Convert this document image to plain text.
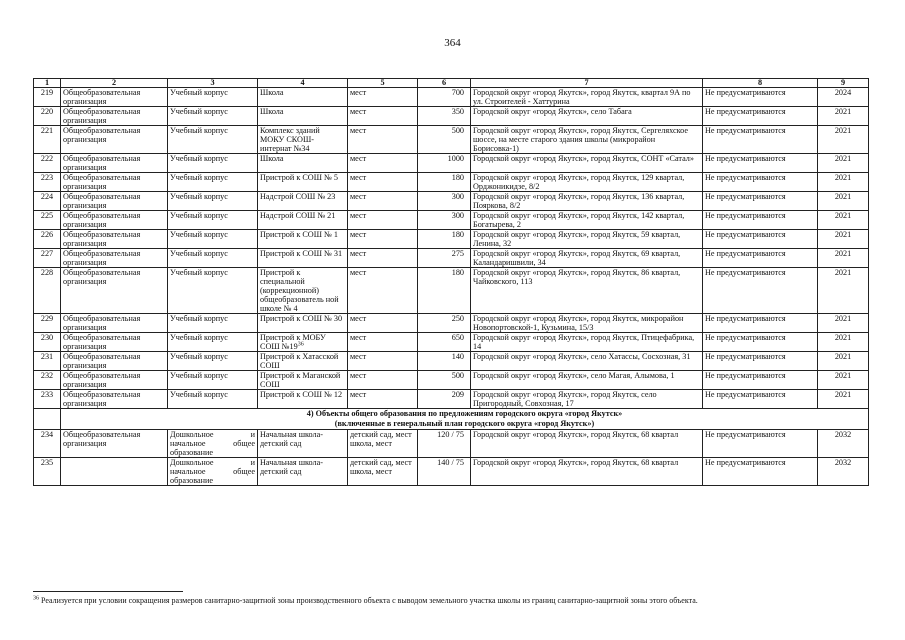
364
1	2	3	4	5	6	7	8	9
219	Общеобразовательная организация	Учебный корпус	Школа	мест	700	Городской округ «город Якутск», город Якутск, квартал 9А по ул. Строителей - Хаттурина	Не предусматриваются	2024
220	Общеобразовательная организация	Учебный корпус	Школа	мест	350	Городской округ «город Якутск», село Табага	Не предусматриваются	2021
221	Общеобразовательная организация	Учебный корпус	Комплекс зданий МОКУ СКОШ-интернат №34	мест	500	Городской округ «город Якутск», город Якутск, Сергеляхское шоссе, на месте старого здания школы (микрорайон Борисовка-1)	Не предусматриваются	2021
222	Общеобразовательная организация	Учебный корпус	Школа	мест	1000	Городской округ «город Якутск», город Якутск, СОНТ «Сатал»	Не предусматриваются	2021
223	Общеобразовательная организация	Учебный корпус	Пристрой к СОШ № 5	мест	180	Городской округ «город Якутск», город Якутск, 129 квартал, Орджоникидзе, 8/2	Не предусматриваются	2021
224	Общеобразовательная организация	Учебный корпус	Надстрой СОШ № 23	мест	300	Городской округ «город Якутск», город Якутск, 136 квартал, Пояркова, 8/2	Не предусматриваются	2021
225	Общеобразовательная организация	Учебный корпус	Надстрой СОШ № 21	мест	300	Городской округ «город Якутск», город Якутск, 142 квартал, Богатырева, 2	Не предусматриваются	2021
226	Общеобразовательная организация	Учебный корпус	Пристрой к СОШ № 1	мест	180	Городской округ «город Якутск», город Якутск, 59 квартал, Ленина, 32	Не предусматриваются	2021
227	Общеобразовательная организация	Учебный корпус	Пристрой к СОШ № 31	мест	275	Городской округ «город Якутск», город Якутск, 69 квартал, Каландаришвили, 34	Не предусматриваются	2021
228	Общеобразовательная организация	Учебный корпус	Пристрой к специальной (коррекционной) общеобразователь ной школе № 4	мест	180	Городской округ «город Якутск», город Якутск, 86 квартал, Чайковского, 113	Не предусматриваются	2021
229	Общеобразовательная организация	Учебный корпус	Пристрой к СОШ № 30	мест	250	Городской округ «город Якутск», город Якутск, микрорайон Новопортовской-1, Кузьмина, 15/3	Не предусматриваются	2021
230	Общеобразовательная организация	Учебный корпус	Пристрой к МОБУ СОШ $№19^{36}$	мест	650	Городской округ «город Якутск», город Якутск, Птицефабрика, 14	Не предусматриваются	2021
231	Общеобразовательная организация	Учебный корпус	Пристрой к Хатасской СОШ	мест	140	Городской округ «город Якутск», село Хатассы, Сосхозная, 31	Не предусматриваются	2021
232	Общеобразовательная организация	Учебный корпус	Пристрой к Маганской СОШ	мест	500	Городской округ «город Якутск», село Магая, Алымова, 1	Не предусматриваются	2021
233	Общеобразовательная организация	Учебный корпус	Пристрой к СОШ № 12	мест	209	Городской округ «город Якутск», город Якутск, село Пригородный, Совхозная, 17	Не предусматриваются	2021

	4) Объекты общего образования по предложениям городского округа «город Якутск»
(включенные в генеральный план городского округа «город Якутск»)							

234	Общеобразовательная организация	Дошкольное и начальное общее образование	Начальная школа-детский сад	детский сад, мест школа, мест	120 / 75	Городской округ «город Якутск», город Якутск, 68 квартал	Не предусматриваются	2032
235		Дошкольное и начальное общее образование	Начальная школа-детский сад	детский сад, мест школа, мест	140 / 75	Городской округ «город Якутск», город Якутск, 68 квартал	Не предусматриваются	2032
$^{36}$ Реализуется при условии сокращения размеров санитарно-защитной зоны производственного объекта с выводом земельного участка школы из границ санитарно-защитной зоны этого объекта.
